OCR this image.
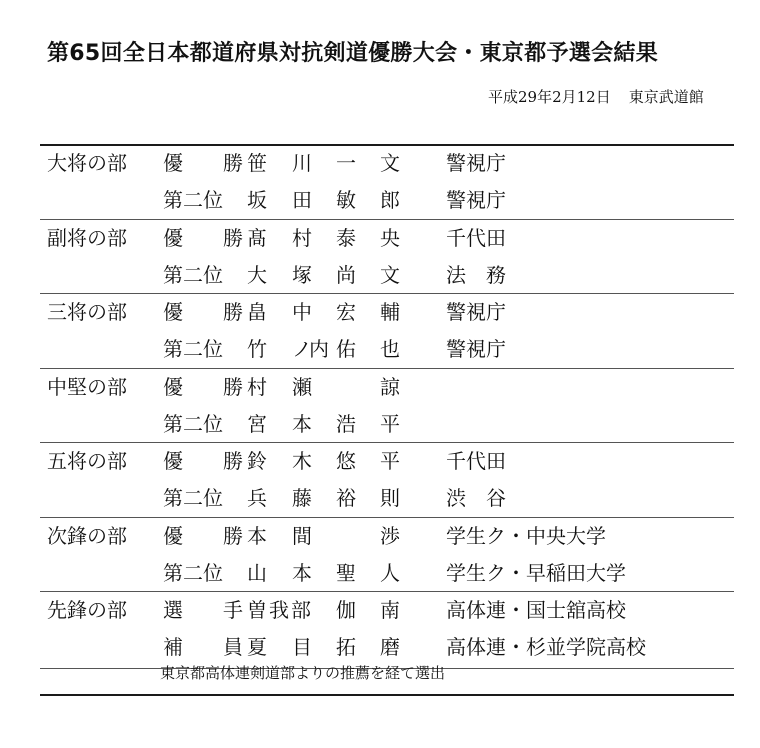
第65回全日本都道府県対抗剣道優勝大会・東京都予選会結果
平成29年2月12日 東京武道館
大将の部 優 勝 笹 川 一 文 警視庁
第 二 位 坂 田 敏 郎 警視庁
副将の部 優 勝 髙 村 泰 央 千代田
第 二 位 大 塚 尚 文 法　務
三将の部 優 勝 畠 中 宏 輔 警視庁
第 二 位 竹 ノ
内 佑 也 警視庁
中堅の部 優 勝 村 瀬	諒
第 二 位 宮 本 浩 平
五将の部 優 勝 鈴 木 悠 平 千代田
第 二 位 兵 藤 裕 則 渋　谷
次鋒の部 優 勝 本 間	渉 学生ク・中央大学
第 二 位 山 本 聖 人 学生ク・早稲田大学
先鋒の部 選 手 曽 我 部 伽 南 高体連・国士舘高校
補 員 夏 目 拓 磨 高体連・杉並学院高校
東京都高体連剣道部よりの推薦を経て選出
